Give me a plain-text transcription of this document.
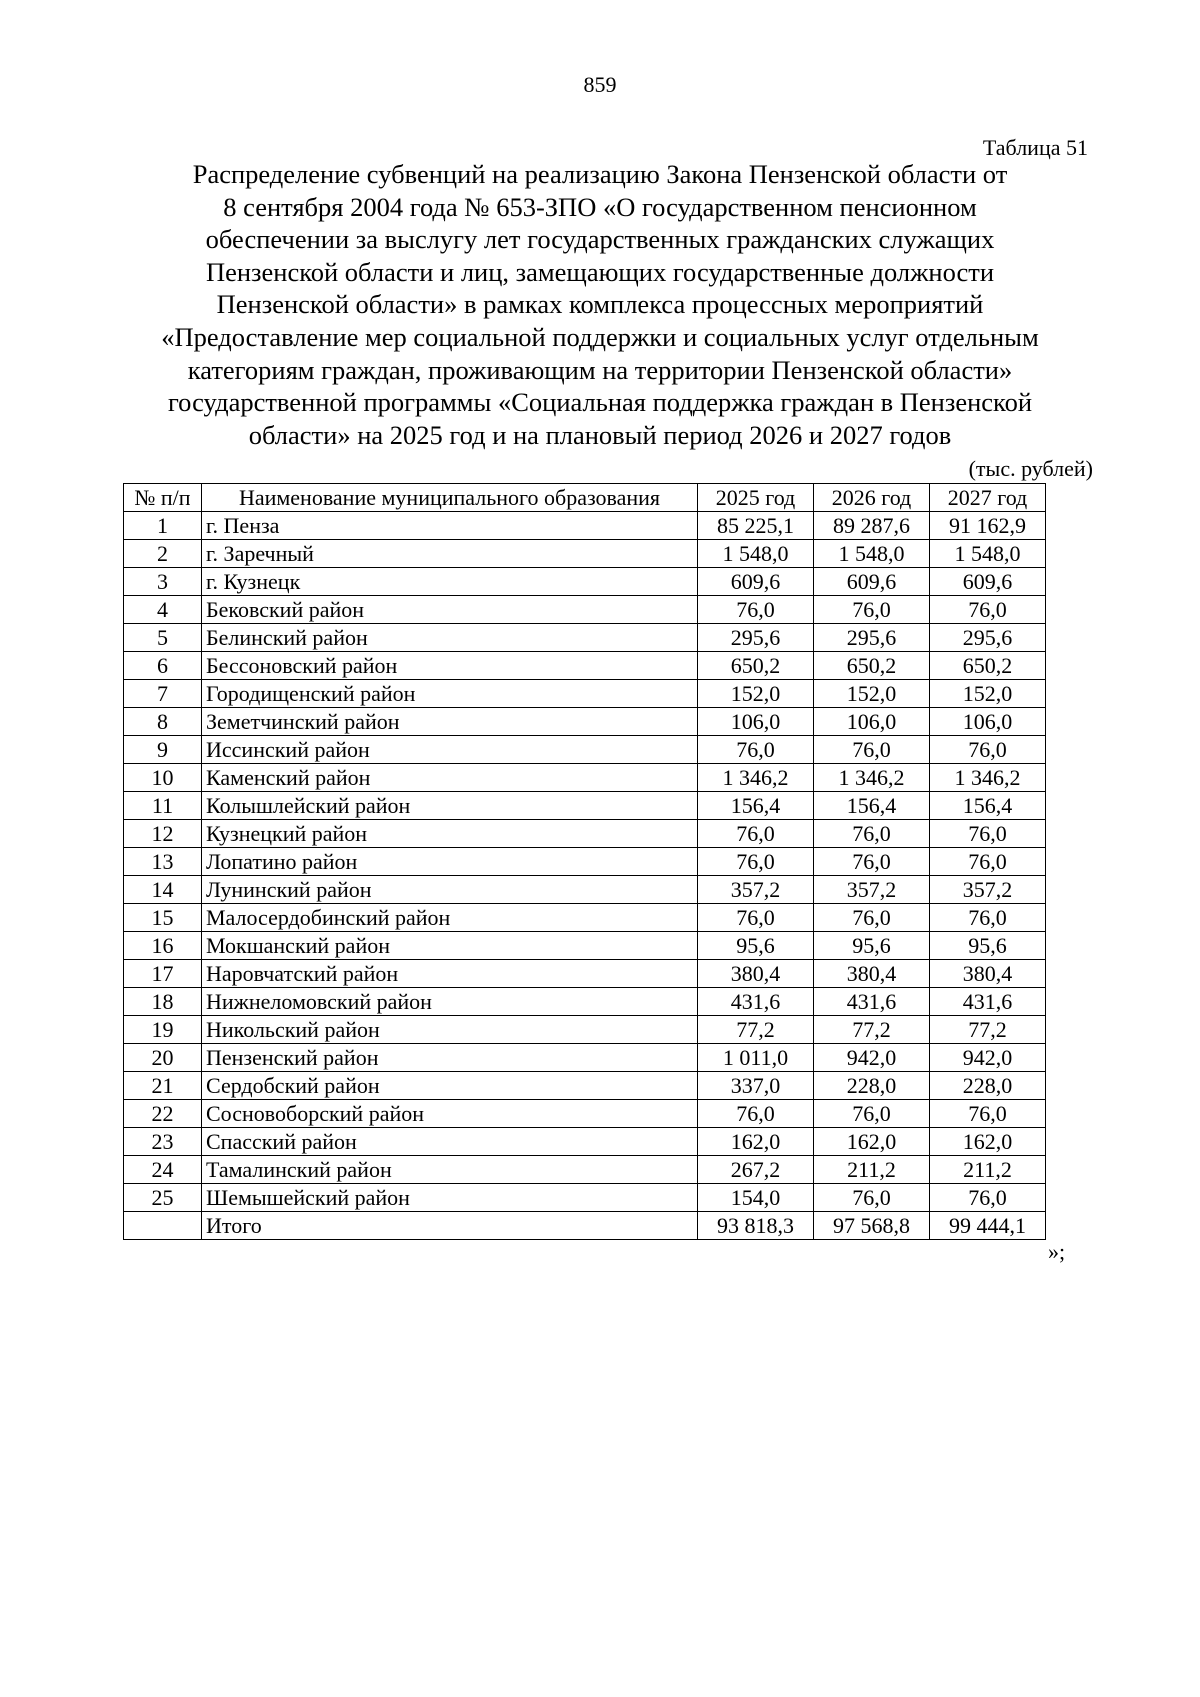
859
Таблица 51
Распределение субвенций на реализацию Закона Пензенской области от
8 сентября 2004 года № 653-ЗПО «О государственном пенсионном
обеспечении за выслугу лет государственных гражданских служащих
Пензенской области и лиц, замещающих государственные должности
Пензенской области» в рамках комплекса процессных мероприятий
«Предоставление мер социальной поддержки и социальных услуг отдельным
категориям граждан, проживающим на территории Пензенской области»
государственной программы «Социальная поддержка граждан в Пензенской
области» на 2025 год и на плановый период 2026 и 2027 годов
(тыс. рублей)
№ п/п	Наименование муниципального образования	2025 год	2026 год	2027 год
1	г. Пенза	85 225,1	89 287,6	91 162,9
2	г. Заречный	1 548,0	1 548,0	1 548,0
3	г. Кузнецк	609,6	609,6	609,6
4	Бековский район	76,0	76,0	76,0
5	Белинский район	295,6	295,6	295,6
6	Бессоновский район	650,2	650,2	650,2
7	Городищенский район	152,0	152,0	152,0
8	Земетчинский район	106,0	106,0	106,0
9	Иссинский район	76,0	76,0	76,0
10	Каменский район	1 346,2	1 346,2	1 346,2
11	Колышлейский район	156,4	156,4	156,4
12	Кузнецкий район	76,0	76,0	76,0
13	Лопатино район	76,0	76,0	76,0
14	Лунинский район	357,2	357,2	357,2
15	Малосердобинский район	76,0	76,0	76,0
16	Мокшанский район	95,6	95,6	95,6
17	Наровчатский район	380,4	380,4	380,4
18	Нижнеломовский район	431,6	431,6	431,6
19	Никольский район	77,2	77,2	77,2
20	Пензенский район	1 011,0	942,0	942,0
21	Сердобский район	337,0	228,0	228,0
22	Сосновоборский район	76,0	76,0	76,0
23	Спасский район	162,0	162,0	162,0
24	Тамалинский район	267,2	211,2	211,2
25	Шемышейский район	154,0	76,0	76,0
	Итого	93 818,3	97 568,8	99 444,1
»;
